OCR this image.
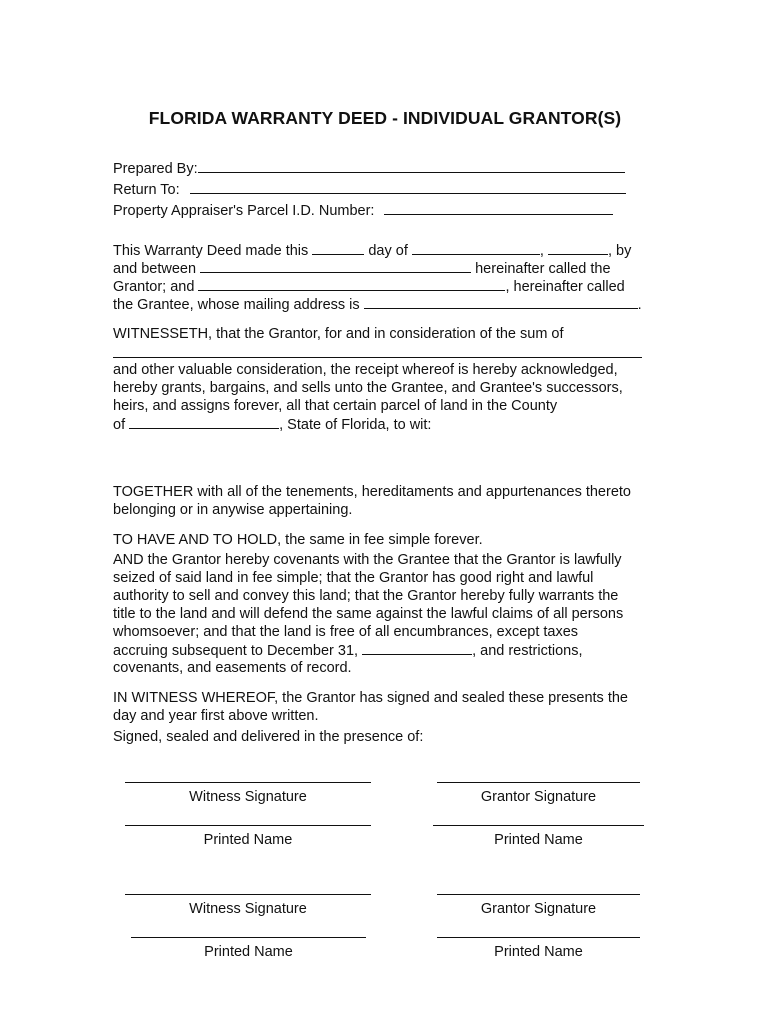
FLORIDA WARRANTY DEED - INDIVIDUAL GRANTOR(S)
Prepared By:
Return To:
Property Appraiser's Parcel I.D. Number:
This Warranty Deed made this	day of	,	, by
and between	hereinafter called the
Grantor; and	, hereinafter called
the Grantee, whose mailing address is	.
WITNESSETH, that the Grantor, for and in consideration of the sum of
and other valuable consideration, the receipt whereof is hereby acknowledged,
hereby grants, bargains, and sells unto the Grantee, and Grantee's successors,
heirs, and assigns forever, all that certain parcel of land in the County
of	, State of Florida, to wit:
TOGETHER with all of the tenements, hereditaments and appurtenances thereto
belonging or in anywise appertaining.
TO HAVE AND TO HOLD, the same in fee simple forever.
AND the Grantor hereby covenants with the Grantee that the Grantor is lawfully
seized of said land in fee simple; that the Grantor has good right and lawful
authority to sell and convey this land; that the Grantor hereby fully warrants the
title to the land and will defend the same against the lawful claims of all persons
whomsoever; and that the land is free of all encumbrances, except taxes
accruing subsequent to December 31,	, and restrictions,
covenants, and easements of record.
IN WITNESS WHEREOF, the Grantor has signed and sealed these presents the
day and year first above written.
Signed, sealed and delivered in the presence of:
Witness Signature	Grantor Signature
Printed Name	Printed Name
Witness Signature	Grantor Signature
Printed Name	Printed Name
